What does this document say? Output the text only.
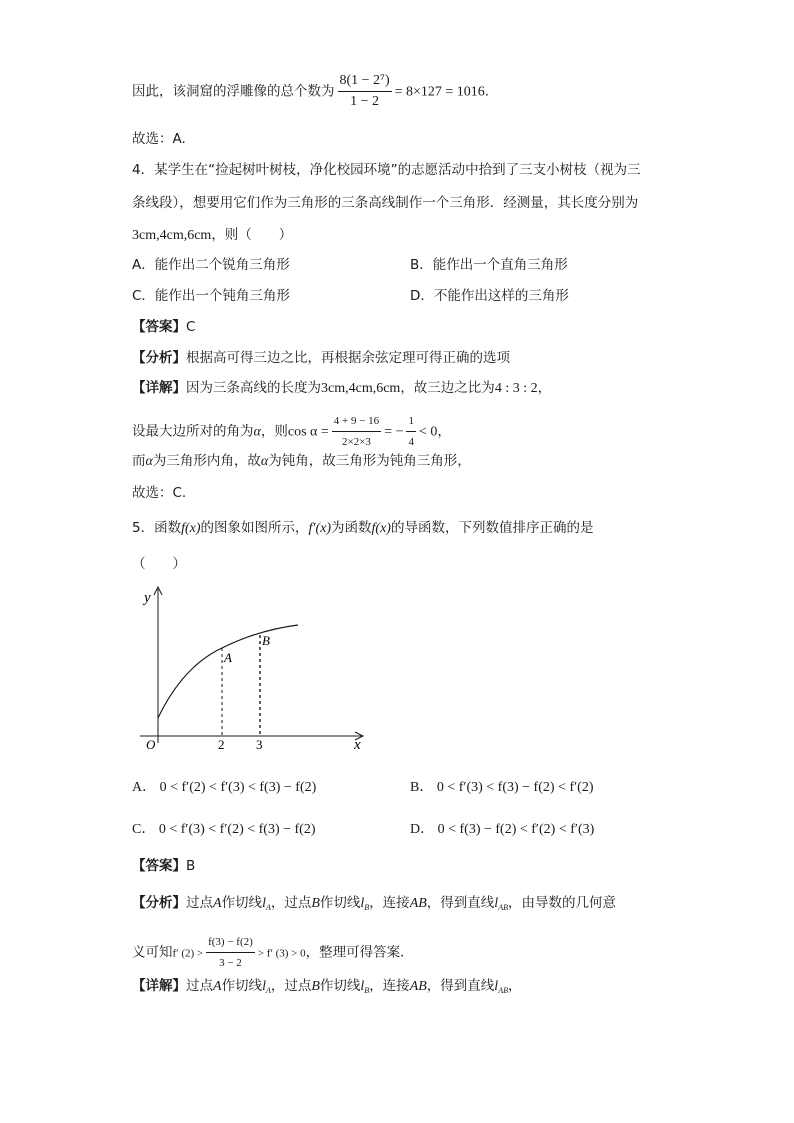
因此，该洞窟的浮雕像的总个数为 $\frac{\text{8(1 − 2⁷)}}{1 - 2} = 8\times 127 = 1016$.
故选：A.
4．某学生在“捡起树叶树枝，净化校园环境”的志愿活动中拾到了三支小树枝（视为三
条线段），想要用它们作为三角形的三条高线制作一个三角形．经测量，其长度分别为
3cm,4cm,6cm，则（　　）
A．能作出二个锐角三角形	B．能作出一个直角三角形
C．能作出一个钝角三角形	D．不能作出这样的三角形
【答案】C
【分析】根据高可得三边之比，再根据余弦定理可得正确的选项
【详解】因为三条高线的长度为3cm,4cm,6cm，故三边之比为4 : 3 : 2，
设最大边所对的角为α，则$\cos \alpha = \frac{4 + 9 - 16}{2\times 2\times 3}$ = − $\frac{1}{4} < 0$，
而α为三角形内角，故α为钝角，故三角形为钝角三角形，
故选：C.
5．函数f(x)的图象如图所示，f′(x)为函数f(x)的导函数，下列数值排序正确的是
（　　）
y
x
O
A
B
2 3
A． 0 < f′(2) < f′(3) < f(3) − f(2)	B． 0 < f′(3) < f(3) − f(2) < f′(2)
C． 0 < f′(3) < f′(2) < f(3) − f(2)	D． 0 < f(3) − f(2) < f′(2) < f′(3)
【答案】B
【分析】过点A作切线$l_A$，过点B作切线$l_B$，连接AB，得到直线$l_{AB}$，由导数的几何意
义可知f′ $(2) > \frac{f(3) - f(2)}{3 - 2} > f'$ (3) > 0，整理可得答案．
【详解】过点A作切线$l_A$，过点B作切线$l_B$，连接AB，得到直线$l_{AB}$，
